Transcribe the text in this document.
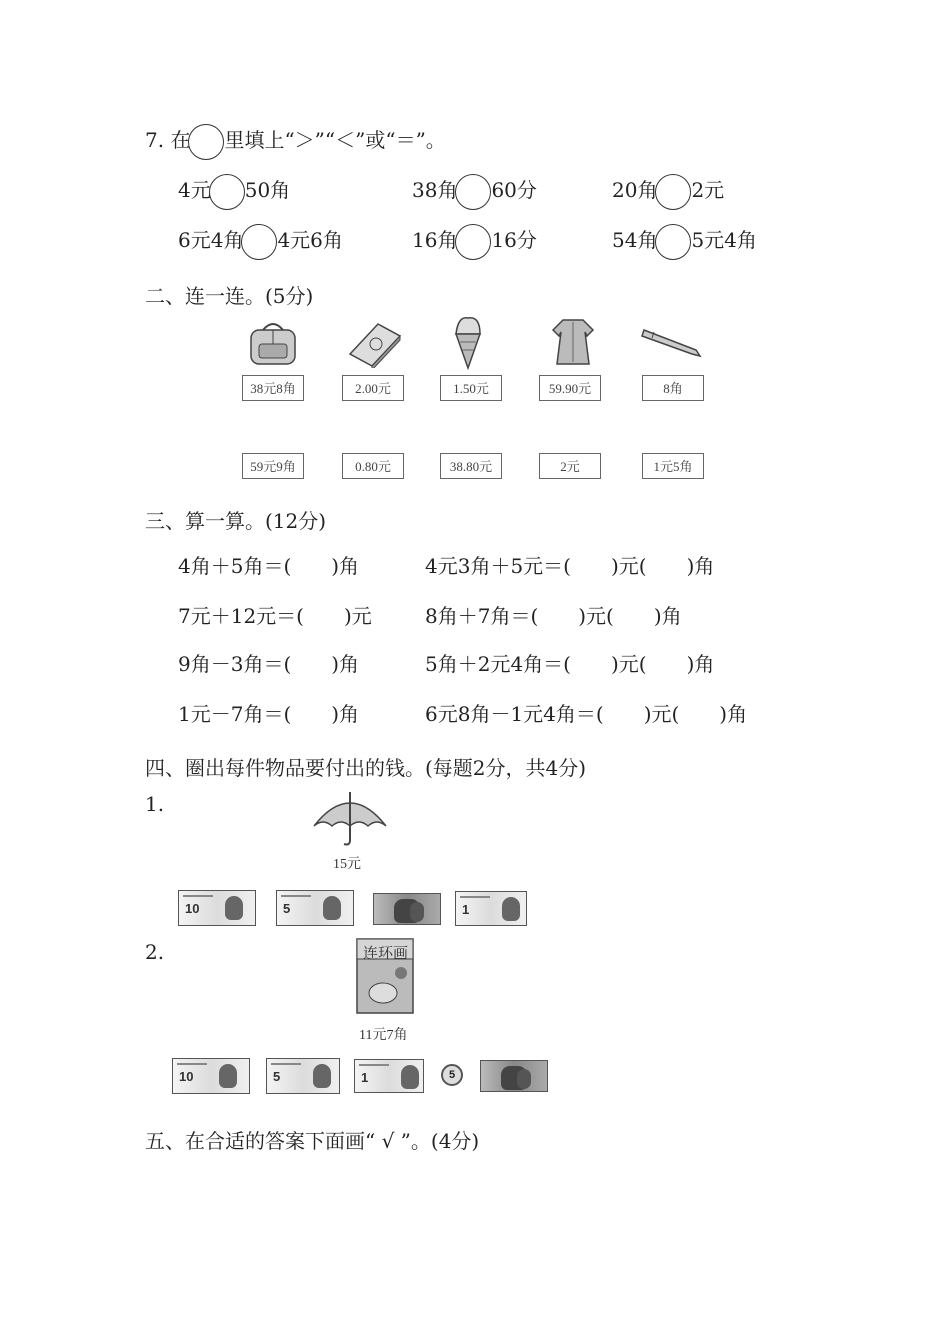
7. 在 里填上“＞”“＜”或“＝”。
4元 50角	38角 60分	20角 2元
6元4角 4元6角	16角 16分	54角 5元4角
二、连一连。(5分)
38元8角	2.00元	1.50元	59.90元	8角
59元9角	0.80元	38.80元	2元	1元5角
三、算一算。(12分)
4角＋5角＝(　　)角	4元3角＋5元＝(　　)元(　　)角
7元＋12元＝(　　)元	8角＋7角＝(　　)元(　　)角
9角－3角＝(　　)角	5角＋2元4角＝(　　)元(　　)角
1元－7角＝(　　)角	6元8角－1元4角＝(　　)元(　　)角
四、圈出每件物品要付出的钱。(每题2分，共4分)
1.
15元
10	5	1
2.	连环画
11元7角
10	5	1	5
五、在合适的答案下面画“ √ ”。(4分)
